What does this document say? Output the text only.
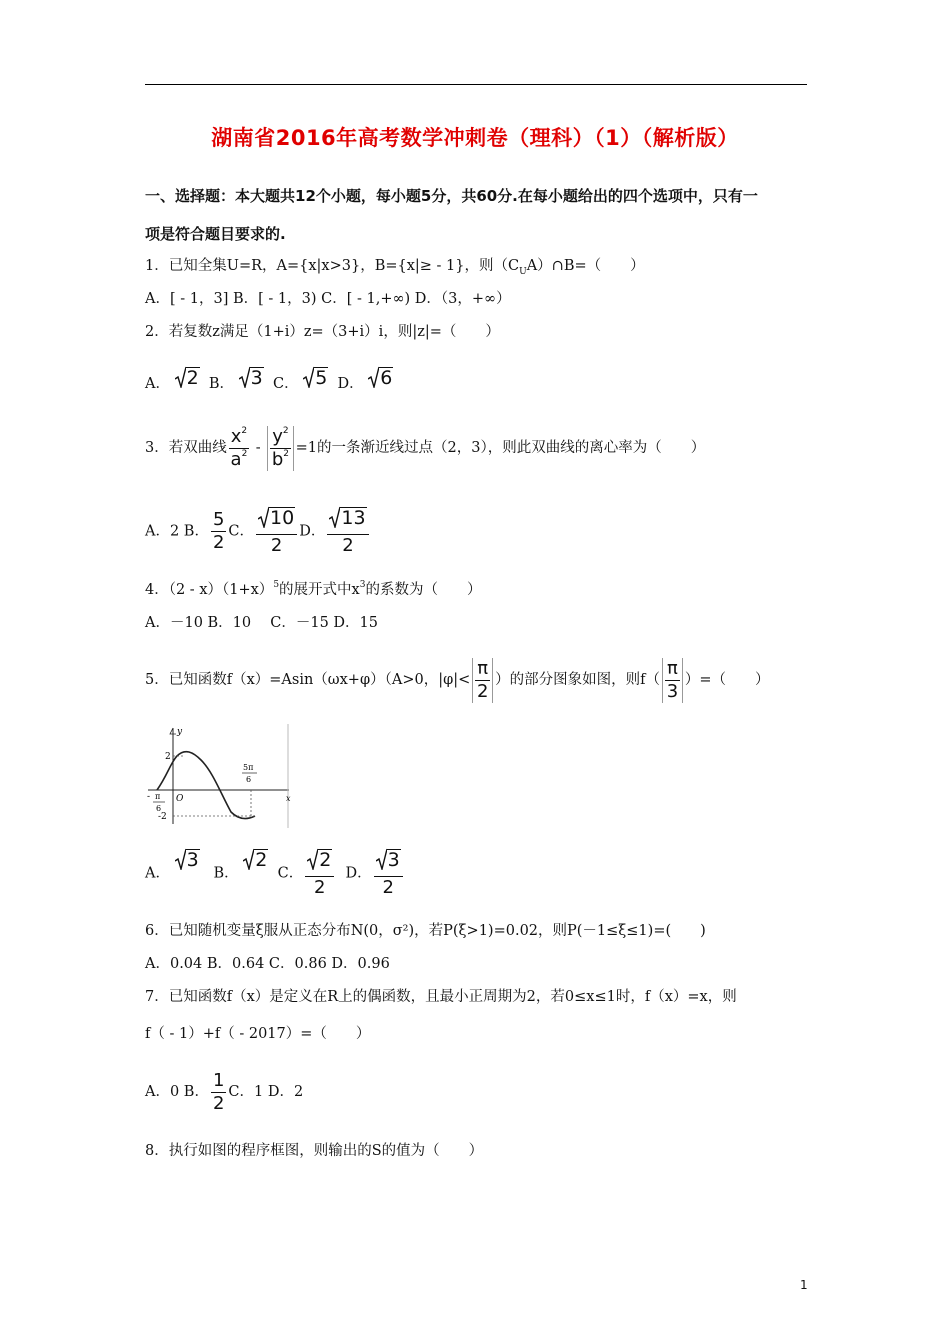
湖南省2016年高考数学冲刺卷（理科）（1）（解析版）
一、选择题：本大题共12个小题，每小题5分，共60分.在每小题给出的四个选项中，只有一
项是符合题目要求的.
1．已知全集U=R，A={x|x>3}，B={x|≥ - 1}，则$(C_UA)\cap B=$（　　）
A．[ - 1，3] B．[ - 1，3) C．[ - 1,+∞) D．（3，+∞）
2．若复数z满足（1+i）z=（3+i）i，则|z|=（　　）
A． 2 B． 3 C． 5 D． 6
3．若双曲线 $\frac{x^2}{a^2} - \frac{y^2}{b^2} =1$的一条渐近线过点（2，3），则此双曲线的离心率为（　　）
A．2 B． $\frac{5}{2}$ C． $\frac{10}{2}$ D． $\frac{13}{2}$
4．$(2 - x)(1+x)^5$的展开式中$x^3$的系数为（　　）
A．－10 B．10　 C．－15 D．15
5．已知函数f（x）=Asin（ωx+φ）（A>0，$|\varphi|< \frac{\pi}{2}$ ）的部分图象如图，则$f( \frac{\pi}{3}$ ）=（　　）
y
x
O
2
-2
- π
6
5π
6
A．
3
B．
2
C． $\frac{2}{2}$ D． $\frac{3}{2}$
6．已知随机变量ξ服从正态分布N(0，σ²)，若P(ξ>1)=0.02，则P(－1≤ξ≤1)=(　　)
A．0.04 B．0.64 C．0.86 D．0.96
7．已知函数f（x）是定义在R上的偶函数，且最小正周期为2，若0≤x≤1时，f（x）=x，则
f（ - 1）+f（ - 2017）=（　　）
A．0 B． $\frac{1}{2}$ C．1 D．2
8．执行如图的程序框图，则输出的S的值为（　　）
1
